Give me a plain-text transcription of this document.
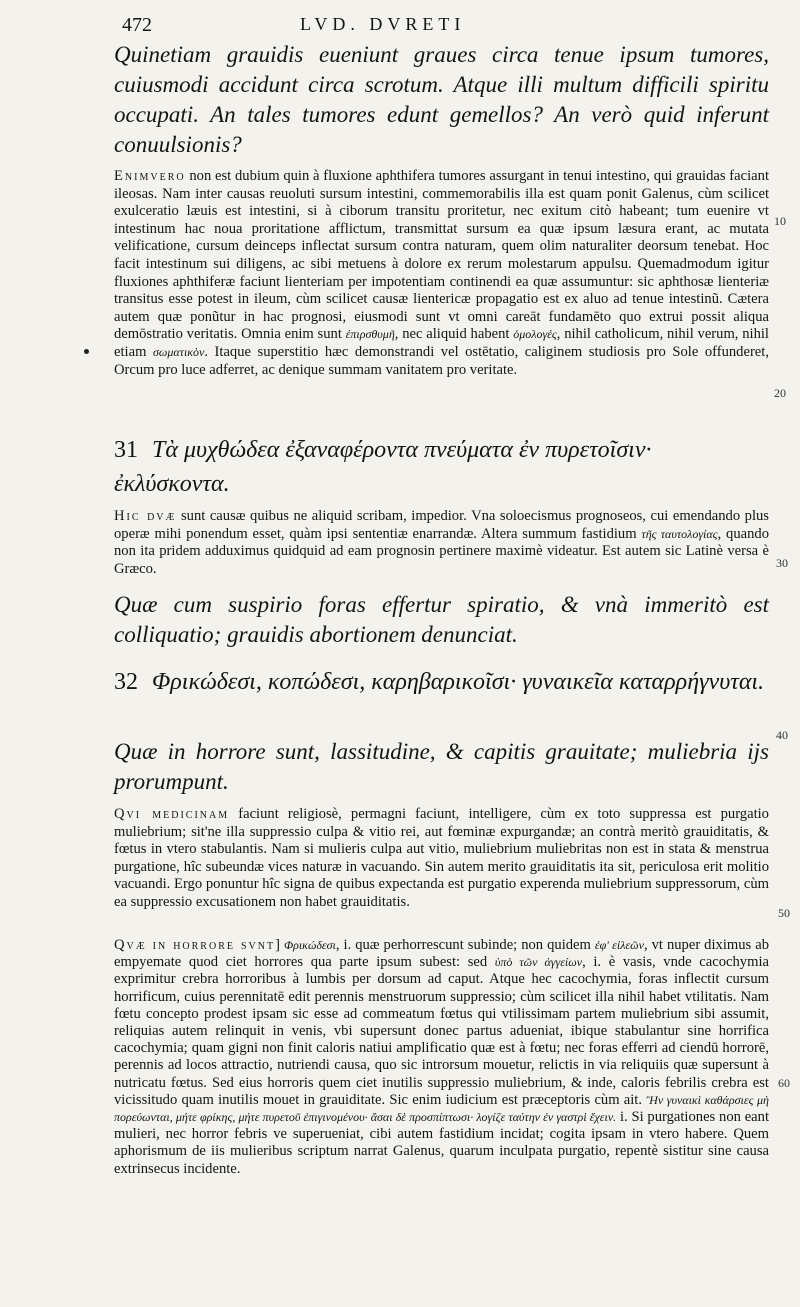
472	LVD. DVRETI

Quinetiam grauidis eueniunt graues circa tenue ipsum tumores, cuiusmodi accidunt circa scrotum. Atque illi multum difficili spiritu occupati. An tales tumores edunt gemellos? An verò quid inferunt conuulsionis?

Enimvero non est dubium quin à fluxione aphthifera tumores assurgant in tenui intestino, qui grauidas faciant ileosas. Nam inter causas reuoluti sursum intestini, commemorabilis illa est quam ponit Galenus, cùm scilicet exulceratio læuis est intestini, si à ciborum transitu proritetur, nec exitum citò habeant; tum euenire vt intestinum hac noua proritatione afflictum, transmittat sursum ea quæ ipsum læsura erant, ac mutata velificatione, cursum deinceps inflectat sursum contra naturam, quem olim naturaliter deorsum tenebat. Hoc facit intestinum sui diligens, ac sibi metuens à dolore ex rerum molestarum appulsu. Quemadmodum igitur fluxiones aphthiferæ faciunt lienteriam per impotentiam continendi ea quæ assumuntur: sic aphthosæ lienteriæ transitus esse potest in ileum, cùm scilicet causæ lientericæ propagatio est ex aluo ad tenue intestinũ. Cætera autem quæ ponũtur in hac prognosi, eiusmodi sunt vt omni careāt fundamēto quo extrui possit aliqua demōstratio veritatis. Omnia enim sunt ἐπιρσθυμῆ, nec aliquid habent ὁμολογές, nihil catholicum, nihil verum, nihil etiam σωματικὸν. Itaque superstitio hæc demonstrandi vel ostētatio, caliginem studiosis pro Sole offunderet, Orcum pro luce adferret, ac denique summam vanitatem pro veritate.

31 Τὰ μυχθώδεα ἐξαναφέροντα πνεύματα ἐν πυρετοῖσιν· ἐκλύσκοντα.

Hic dvæ sunt causæ quibus ne aliquid scribam, impedior. Vna soloecismus prognoseos, cui emendando plus operæ mihi ponendum esset, quàm ipsi sententiæ enarrandæ. Altera summum fastidium τῆς ταυτολογίας, quando non ita pridem adduximus quidquid ad eam prognosin pertinere maximè videatur. Est autem sic Latinè versa è Græco.

Quæ cum suspirio foras effertur spiratio, & vnà immeritò est colliquatio; grauidis abortionem denunciat.

32 Φρικώδεσι, κοπώδεσι, καρηβαρικοῖσι· γυναικεῖα καταρρήγνυται.

Quæ in horrore sunt, lassitudine, & capitis grauitate; muliebria ijs prorumpunt.

Qvi medicinam faciunt religiosè, permagni faciunt, intelligere, cùm ex toto suppressa est purgatio muliebrium; sit'ne illa suppressio culpa & vitio rei, aut fœminæ expurgandæ; an contrà meritò grauiditatis, & fœtus in vtero stabulantis. Nam si mulieris culpa aut vitio, muliebrium muliebritas non est in stata & menstrua purgatione, hîc subeundæ vices naturæ in vacuando. Sin autem merito grauiditatis ita sit, periculosa erit molitio vacuandi. Ergo ponuntur hîc signa de quibus expectanda est purgatio experenda muliebrium suppressorum, cùm ea suppressio excusationem non habet grauiditatis.

Qvæ in horrore svnt] Φρικώδεσι, i. quæ perhorrescunt subinde; non quidem ἐφ' εἰλεῶν, vt nuper diximus ab empyemate quod ciet horrores qua parte ipsum subest: sed ὑπὸ τῶν ἀγγείων, i. è vasis, vnde cacochymia exprimitur crebra horroribus à lumbis per dorsum ad caput. Atque hec cacochymia, foras inflectit cursum horrificum, cuius perennitatē edit perennis menstruorum suppressio; cùm scilicet illa nihil habet vtilitatis. Nam fœtu concepto prodest ipsam sic esse ad commeatum fœtus qui vtilissimam partem muliebrium sibi assumit, reliquias autem relinquit in venis, vbi supersunt donec partus adueniat, ibique stabulantur sine horrifica cacochymia; quam gigni non finit caloris natiui amplificatio quæ est à fœtu; nec foras efferri ad ciendū horrorē, perennis ad locos attractio, nutriendi causa, quo sic introrsum mouetur, relictis in via reliquiis quæ supersunt à nutricatu fœtus. Sed eius horroris quem ciet inutilis suppressio muliebrium, & inde, caloris febrilis crebra est vicissitudo quam inutilis mouet in grauiditate. Sic enim iudicium est præceptoris cùm ait. Ἢν γυναικὶ καθάρσιες μὴ πορεύωνται, μήτε φρίκης, μήτε πυρετοῦ ἐπιγινομένου· ἄσαι δὲ προσπίπτωσι· λογίζε ταύτην ἐν γαστρὶ ἔχειν. i. Si purgationes non eant mulieri, nec horror febris ve superueniat, cibi autem fastidium incidat; cogita ipsam in vtero habere. Quem aphorismum de iis mulieribus scriptum narrat Galenus, quarum inculpata purgatio, repentè sistitur sine causa extrinsecus incidente.

10
20
30
40
50
60
